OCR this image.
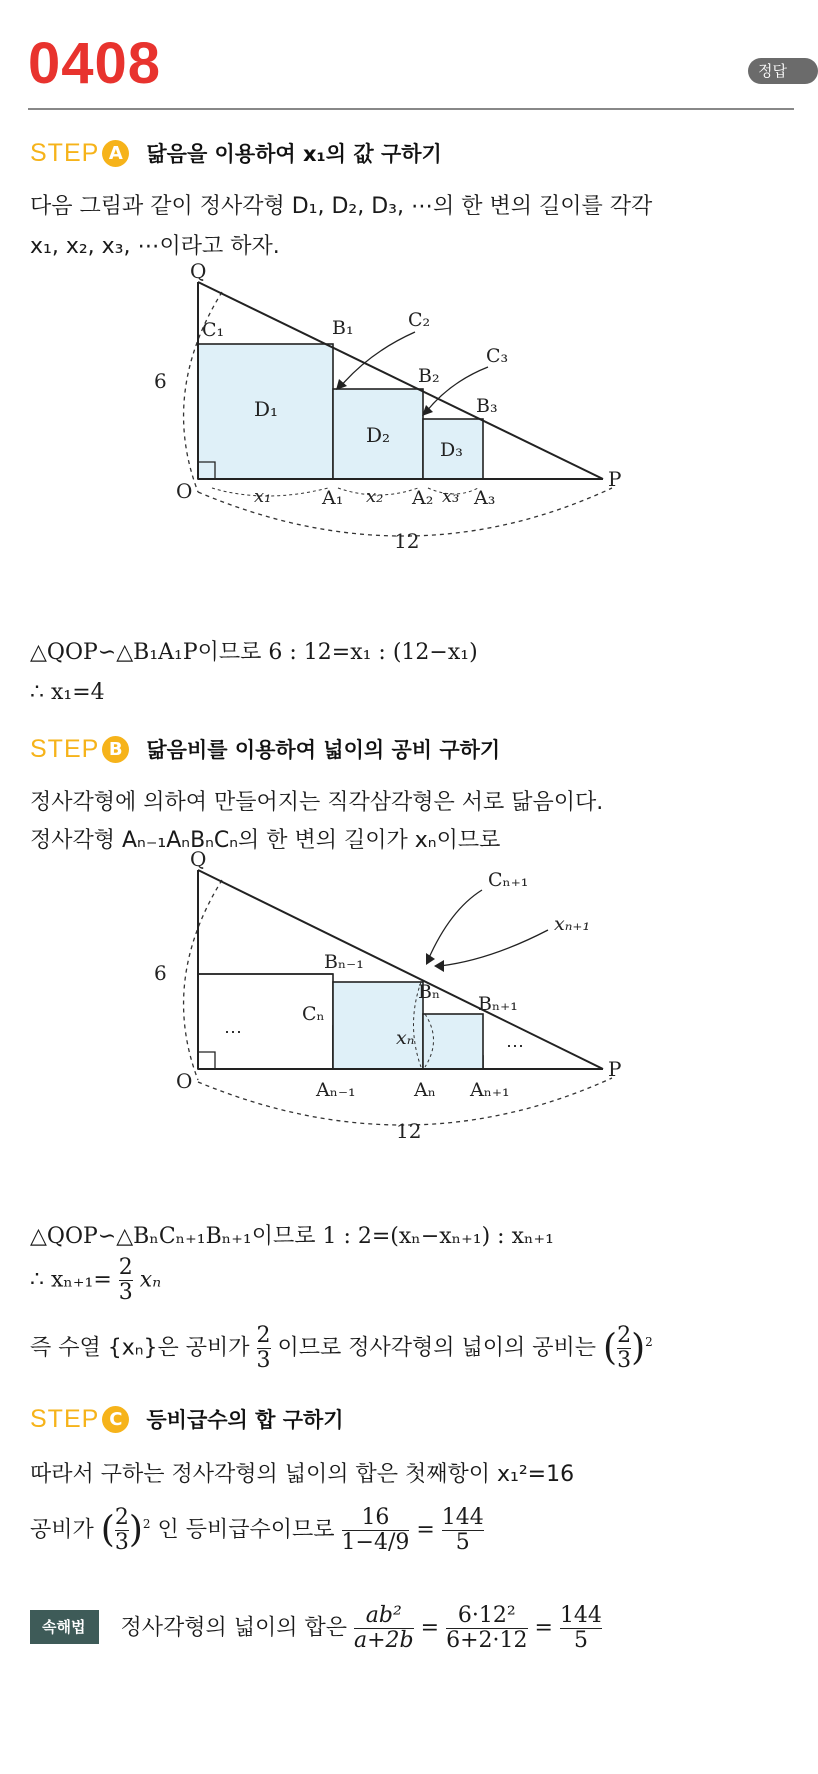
0408	정답
STEP A 닮음을 이용하여 x₁의 값 구하기
다음 그림과 같이 정사각형 D₁, D₂, D₃, ⋯의 한 변의 길이를 각각
x₁, x₂, x₃, ⋯이라고 하자.
Q
O	P
6
C₁	B₁	C₂
B₂
C₃
B₃
D₁
D₂
D₃
A₁	A₂ A₃
x₁	x₂	x₃
12
△QOP∽△B₁A₁P이므로 6 : 12=x₁ : (12−x₁)
∴ x₁=4
STEP B 닮음비를 이용하여 넓이의 공비 구하기
정사각형에 의하여 만들어지는 직각삼각형은 서로 닮음이다.
정사각형 Aₙ₋₁AₙBₙCₙ의 한 변의 길이가 xₙ이므로
Q
O	P
6	Bₙ₋₁
Cₙ
Bₙ
Cₙ₊₁
Bₙ₊₁
xₙ
xₙ₊₁
⋯
⋯
Aₙ₋₁	Aₙ Aₙ₊₁
12
△QOP∽△BₙCₙ₊₁Bₙ₊₁이므로 1 : 2=(xₙ−xₙ₊₁) : xₙ₊₁
∴ $x_{n+1}= \frac{2}{3}$ xₙ
즉 수열 {xₙ}은 공비가 $\frac{2}{3}$ 이므로 정사각형의 넓이의 공비는 ( $\frac{2}{3} )^2$
STEP C 등비급수의 합 구하기
따라서 구하는 정사각형의 넓이의 합은 첫째항이 x₁²=16
공비가 ( $\frac{2}{3} )^2$ 인 등비급수이므로 $\frac{16}{1-4/9} = \frac{144}{5}$
속해법 정사각형의 넓이의 합은 $\frac{\text{ab²}}{a+2b} = \frac{\text{6·12²}}{6+2\cdot 12} = \frac{144}{5}$
